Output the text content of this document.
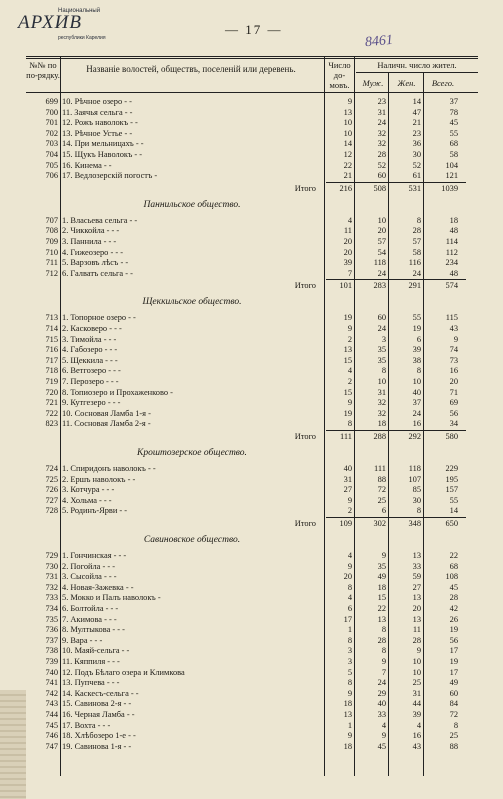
Национальный
АРХИВ
республики Карелия
— 17 —
8461
№№ по по-рядку.
Названіе волостей, обществъ, поселеній или деревень.	Число до-мовъ.
Наличн. число жител.
Муж.	Жен.	Всего.
699 10. Рѣчное озеро - -	9	23	14	37
700 11. Заячья сельга - -	13	31	47	78
701 12. Рожъ наволокъ - -	10	24	21	45
702 13. Рѣчное Устье - -	10	32	23	55
703 14. При мельницахъ - -	14	32	36	68
704 15. Щукъ Наволокъ - -	12	28	30	58
705 16. Кинема - -	22	52	52	104
706 17. Ведлозерскій погостъ -	21	60	61	121
Итого	216	508	531	1039
Паннильское общество.
707 1. Власьева сельга - -	4	10	8	18
708 2. Чиккойла - - -	11	20	28	48
709 3. Паннила - - -	20	57	57	114
710 4. Гижеозеро - - -	20	54	58	112
711 5. Варзовъ лѣсъ - -	39	118	116	234
712 6. Галватъ сельга - -	7	24	24	48
Итого	101	283	291	574
Щеккильское общество.
713 1. Топорное озеро - -	19	60	55	115
714 2. Касковеро - - -	9	24	19	43
715 3. Тимойла - - -	2	3	6	9
716 4. Габозеро - - -	13	35	39	74
717 5. Щеккила - - -	15	35	38	73
718 6. Ветгозеро - - -	4	8	8	16
719 7. Перозеро - - -	2	10	10	20
720 8. Топиозеро и Прохаженково -	15	31	40	71
721 9. Кутгезеро - - -	9	32	37	69
722 10. Сосновая Ламба 1-я -	19	32	24	56
823 11. Сосновая Ламба 2-я -	8	18	16	34
Итого	111	288	292	580
Кроштозерское общество.
724 1. Спиридонъ наволокъ - -	40	111	118	229
725 2. Ершъ наволокъ - -	31	88	107	195
726 3. Котчура - - -	27	72	85	157
727 4. Хольма - - -	9	25	30	55
728 5. Родинъ-Ярви - -	2	6	8	14
Итого	109	302	348	650
Савиновское общество.
729 1. Гончинская - - -	4	9	13	22
730 2. Погойла - - -	9	35	33	68
731 3. Сысойла - - -	20	49	59	108
732 4. Новая-Зажевка - -	8	18	27	45
733 5. Мокко и Палъ наволокъ -	4	15	13	28
734 6. Болтойла - - -	6	22	20	42
735 7. Акимова - - -	17	13	13	26
736 8. Мултыкова - - -	1	8	11	19
737 9. Вара - - -	8	28	28	56
738 10. Маяй-сельга - -	3	8	9	17
739 11. Кяппиля - - -	3	9	10	19
740 12. Подъ Бѣлаго озера и Климкова	5	7	10	17
741 13. Пупчева - - -	8	24	25	49
742 14. Каскесъ-сельга - -	9	29	31	60
743 15. Савинова 2-я - -	18	40	44	84
744 16. Черная Ламба - -	13	33	39	72
745 17. Вохта - - -	1	4	4	8
746 18. Хлѣбозеро 1-е - -	9	9	16	25
747 19. Савинова 1-я - -	18	45	43	88
